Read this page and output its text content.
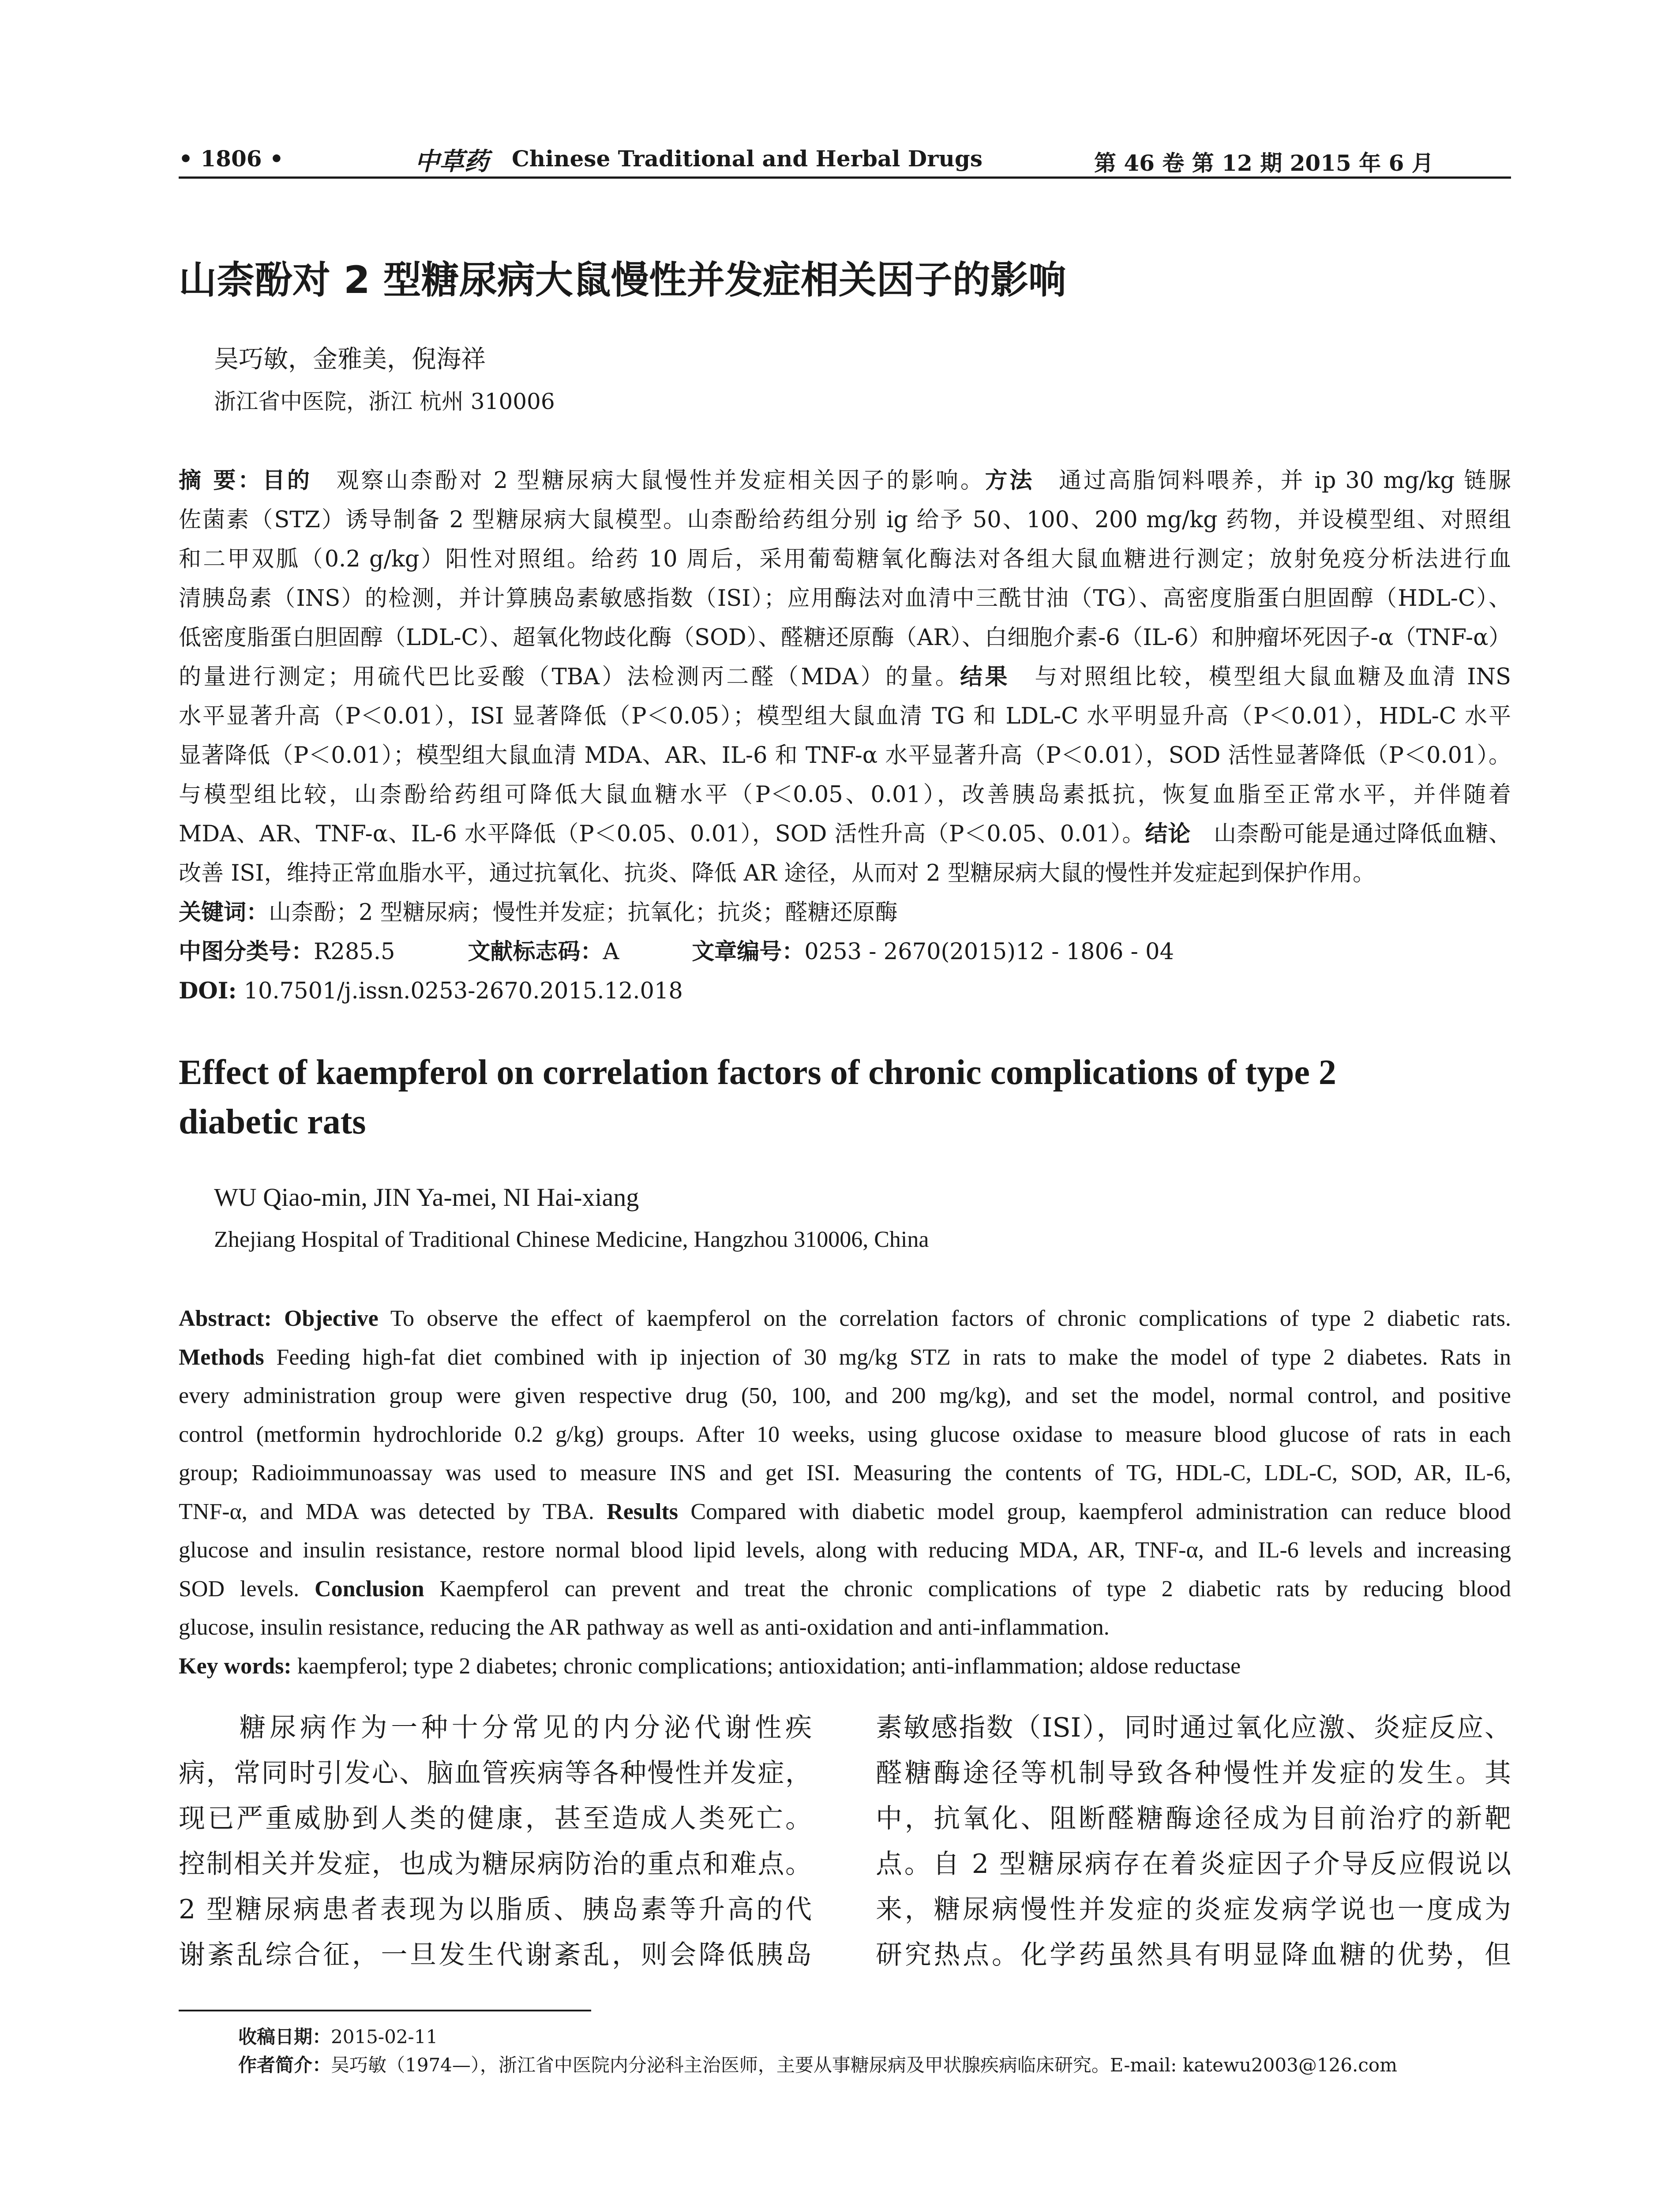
• 1806 •	中草药 Chinese Traditional and Herbal Drugs	第 46 卷 第 12 期 2015 年 6 月
山柰酚对 2 型糖尿病大鼠慢性并发症相关因子的影响
吴巧敏，金雅美，倪海祥
浙江省中医院，浙江 杭州 310006
摘 要：目的　 观察山柰酚对 2 型糖尿病大鼠慢性并发症相关因子的影响。方法　 通过高脂饲料喂养，并 ip 30 mg/kg 链脲
佐菌素（STZ）诱导制备 2 型糖尿病大鼠模型。山柰酚给药组分别 ig 给予 50、100、200 mg/kg 药物，并设模型组、对照组
和二甲双胍（0.2 g/kg）阳性对照组。给药 10 周后，采用葡萄糖氧化酶法对各组大鼠血糖进行测定；放射免疫分析法进行血
清胰岛素（INS）的检测，并计算胰岛素敏感指数（ISI）；应用酶法对血清中三酰甘油（TG）、高密度脂蛋白胆固醇（HDL-C）、
低密度脂蛋白胆固醇（LDL-C）、超氧化物歧化酶（SOD）、醛糖还原酶（AR）、白细胞介素-6（IL-6）和肿瘤坏死因子-α（TNF-α）
的量进行测定；用硫代巴比妥酸（TBA）法检测丙二醛（MDA）的量。结果　 与对照组比较，模型组大鼠血糖及血清 INS
水平显著升高（P＜0.01），ISI 显著降低（P＜0.05）；模型组大鼠血清 TG 和 LDL-C 水平明显升高（P＜0.01），HDL-C 水平
显著降低（P＜0.01）；模型组大鼠血清 MDA、AR、IL-6 和 TNF-α 水平显著升高（P＜0.01），SOD 活性显著降低（P＜0.01）。
与模型组比较，山柰酚给药组可降低大鼠血糖水平（P＜0.05、0.01），改善胰岛素抵抗，恢复血脂至正常水平，并伴随着
MDA、AR、TNF-α、IL-6 水平降低（P＜0.05、0.01），SOD 活性升高（P＜0.05、0.01）。结论　 山柰酚可能是通过降低血糖、
改善 ISI，维持正常血脂水平，通过抗氧化、抗炎、降低 AR 途径，从而对 2 型糖尿病大鼠的慢性并发症起到保护作用。
关键词：山柰酚；2 型糖尿病；慢性并发症；抗氧化；抗炎；醛糖还原酶
中图分类号：R285.5	文献标志码：A	文章编号：0253 - 2670(2015)12 - 1806 - 04
DOI: 10.7501/j.issn.0253-2670.2015.12.018
Effect of kaempferol on correlation factors of chronic complications of type 2
diabetic rats
WU Qiao-min, JIN Ya-mei, NI Hai-xiang
Zhejiang Hospital of Traditional Chinese Medicine, Hangzhou 310006, China
Abstract: Objective To observe the effect of kaempferol on the correlation factors of chronic complications of type 2 diabetic rats.
Methods Feeding high-fat diet combined with ip injection of 30 mg/kg STZ in rats to make the model of type 2 diabetes. Rats in
every administration group were given respective drug (50, 100, and 200 mg/kg), and set the model, normal control, and positive
control (metformin hydrochloride 0.2 g/kg) groups. After 10 weeks, using glucose oxidase to measure blood glucose of rats in each
group; Radioimmunoassay was used to measure INS and get ISI. Measuring the contents of TG, HDL-C, LDL-C, SOD, AR, IL-6,
TNF-α, and MDA was detected by TBA. Results Compared with diabetic model group, kaempferol administration can reduce blood
glucose and insulin resistance, restore normal blood lipid levels, along with reducing MDA, AR, TNF-α, and IL-6 levels and increasing
SOD levels. Conclusion Kaempferol can prevent and treat the chronic complications of type 2 diabetic rats by reducing blood
glucose, insulin resistance, reducing the AR pathway as well as anti-oxidation and anti-inflammation.
Key words: kaempferol; type 2 diabetes; chronic complications; antioxidation; anti-inflammation; aldose reductase
　　糖尿病作为一种十分常见的内分泌代谢性疾
病，常同时引发心、脑血管疾病等各种慢性并发症，
现已严重威胁到人类的健康，甚至造成人类死亡。
控制相关并发症，也成为糖尿病防治的重点和难点。
2 型糖尿病患者表现为以脂质、胰岛素等升高的代
谢紊乱综合征，一旦发生代谢紊乱，则会降低胰岛
素敏感指数（ISI），同时通过氧化应激、炎症反应、
醛糖酶途径等机制导致各种慢性并发症的发生。其
中，抗氧化、阻断醛糖酶途径成为目前治疗的新靶
点。自 2 型糖尿病存在着炎症因子介导反应假说以
来，糖尿病慢性并发症的炎症发病学说也一度成为
研究热点。化学药虽然具有明显降血糖的优势，但
收稿日期：2015-02-11
作者简介：吴巧敏（1974—），浙江省中医院内分泌科主治医师，主要从事糖尿病及甲状腺疾病临床研究。E-mail: katewu2003@126.com
